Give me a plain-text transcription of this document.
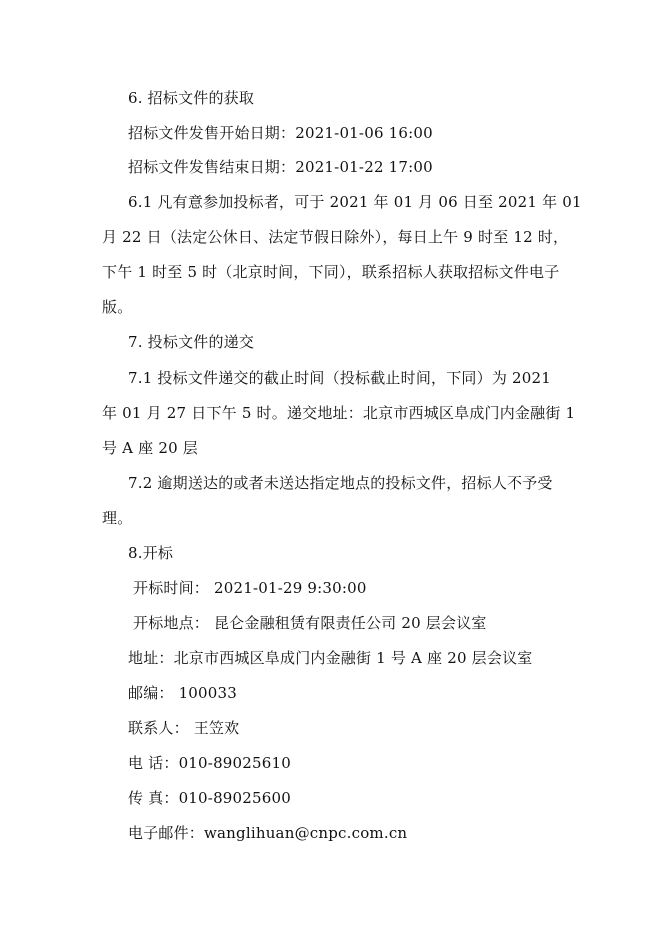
6. 招标文件的获取
招标文件发售开始日期：2021-01-06 16:00
招标文件发售结束日期：2021-01-22 17:00
6.1 凡有意参加投标者，可于 2021 年 01 月 06 日至 2021 年 01
月 22 日（法定公休日、法定节假日除外），每日上午 9 时至 12 时，
下午 1 时至 5 时（北京时间，下同），联系招标人获取招标文件电子
版。
7. 投标文件的递交
7.1 投标文件递交的截止时间（投标截止时间，下同）为 2021
年 01 月 27 日下午 5 时。递交地址：北京市西城区阜成门内金融街 1
号 A 座 20 层
7.2 逾期送达的或者未送达指定地点的投标文件，招标人不予受
理。
8.开标
开标时间： 2021-01-29 9:30:00
开标地点： 昆仑金融租赁有限责任公司 20 层会议室
地址：北京市西城区阜成门内金融街 1 号 A 座 20 层会议室
邮编： 100033
联系人： 王笠欢
电 话：010-89025610
传 真：010-89025600
电子邮件：wanglihuan@cnpc.com.cn
